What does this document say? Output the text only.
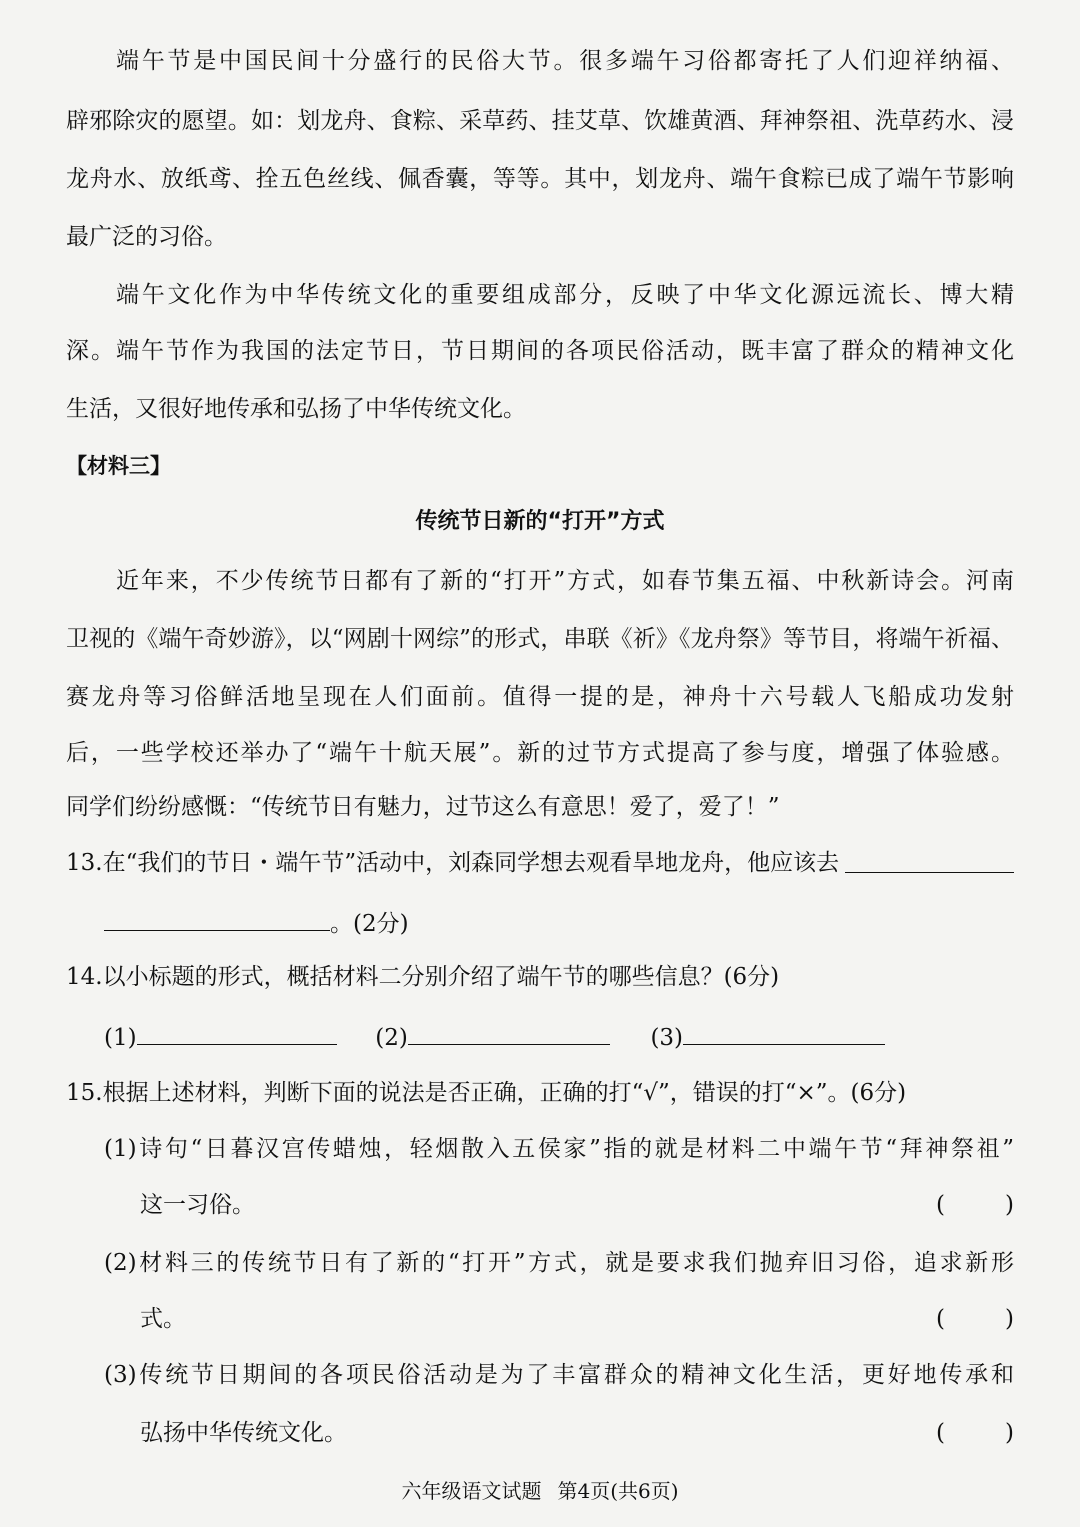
端午节是中国民间十分盛行的民俗大节。很多端午习俗都寄托了人们迎祥纳福、
辟邪除灾的愿望。如：划龙舟、食粽、采草药、挂艾草、饮雄黄酒、拜神祭祖、洗草药水、浸
龙舟水、放纸鸢、拴五色丝线、佩香囊，等等。其中，划龙舟、端午食粽已成了端午节影响
最广泛的习俗。
端午文化作为中华传统文化的重要组成部分，反映了中华文化源远流长、博大精
深。端午节作为我国的法定节日，节日期间的各项民俗活动，既丰富了群众的精神文化
生活，又很好地传承和弘扬了中华传统文化。
【材料三】
传统节日新的“打开”方式
近年来，不少传统节日都有了新的“打开”方式，如春节集五福、中秋新诗会。河南
卫视的《端午奇妙游》，以“网剧十网综”的形式，串联《祈》《龙舟祭》等节目，将端午祈福、
赛龙舟等习俗鲜活地呈现在人们面前。值得一提的是，神舟十六号载人飞船成功发射
后，一些学校还举办了“端午十航天展”。新的过节方式提高了参与度，增强了体验感。
同学们纷纷感慨：“传统节日有魅力，过节这么有意思！爱了，爱了！”
13.在“我们的节日・端午节”活动中，刘森同学想去观看旱地龙舟，他应该去
。(2分)
14.以小标题的形式，概括材料二分别介绍了端午节的哪些信息？(6分)
(1)	(2)	(3)
15.根据上述材料，判断下面的说法是否正确，正确的打“√”，错误的打“×”。(6分)
(1)诗句“日暮汉宫传蜡烛，轻烟散入五侯家”指的就是材料二中端午节“拜神祭祖”
这一习俗。	(	)
(2)材料三的传统节日有了新的“打开”方式，就是要求我们抛弃旧习俗，追求新形
式。	(	)
(3)传统节日期间的各项民俗活动是为了丰富群众的精神文化生活，更好地传承和
弘扬中华传统文化。	(	)
六年级语文试题 第4页(共6页)
